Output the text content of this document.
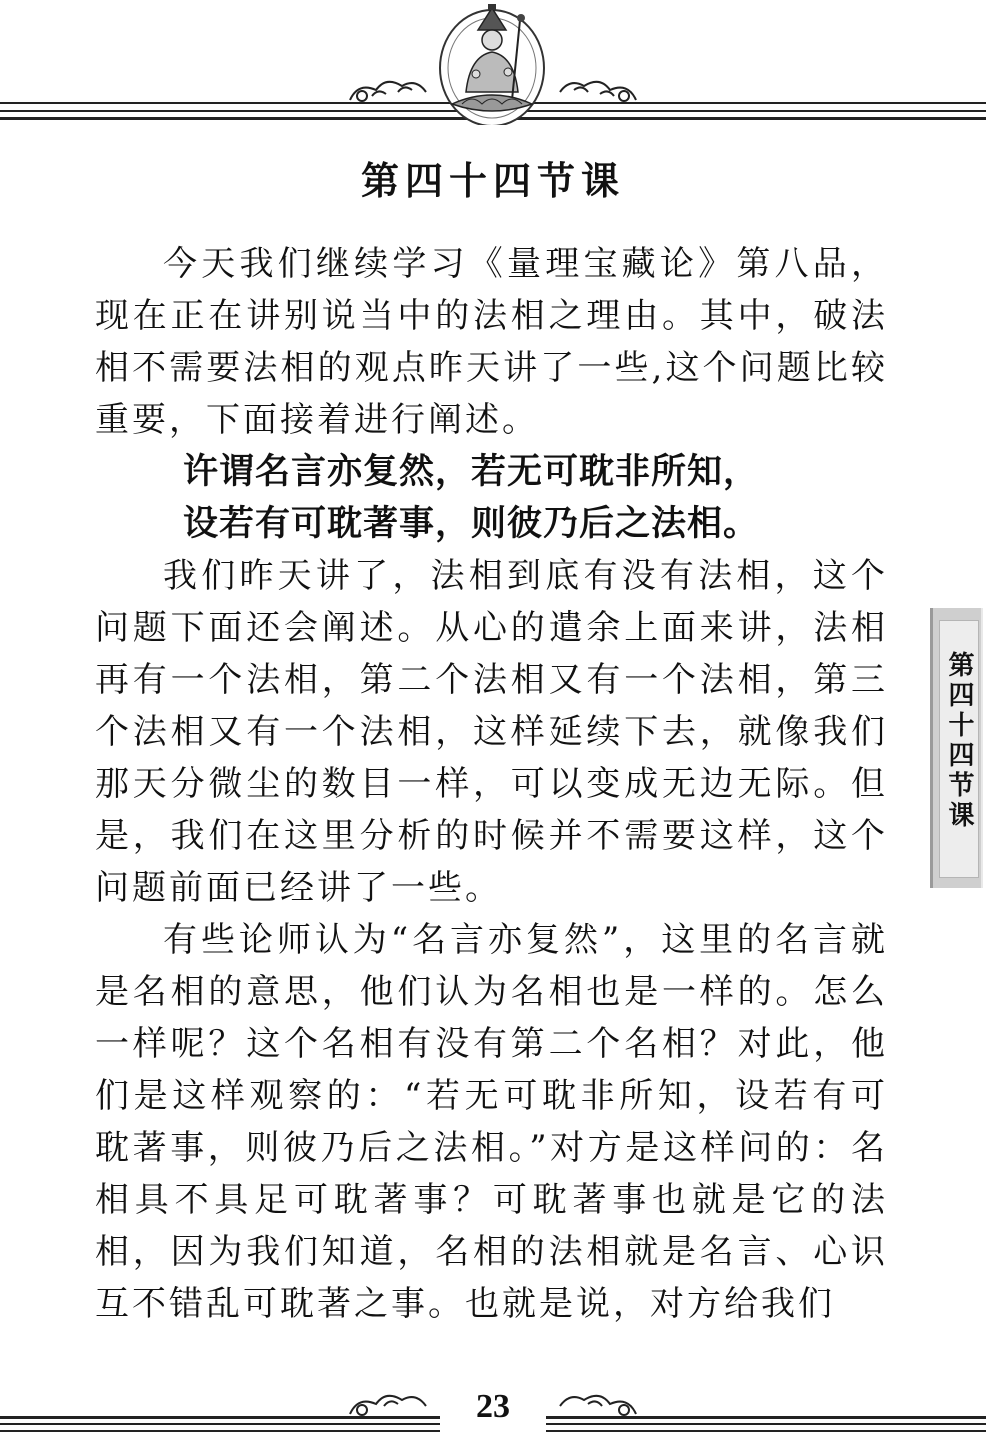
第四十四节课

今天我们继续学习《量理宝藏论》第八品，现在正在讲别说当中的法相之理由。其中，破法相不需要法相的观点昨天讲了一些,这个问题比较重要，下面接着进行阐述。

许谓名言亦复然，若无可耽非所知，

设若有可耽著事，则彼乃后之法相。

我们昨天讲了，法相到底有没有法相，这个问题下面还会阐述。从心的遣余上面来讲，法相再有一个法相，第二个法相又有一个法相，第三个法相又有一个法相，这样延续下去，就像我们那天分微尘的数目一样，可以变成无边无际。但是，我们在这里分析的时候并不需要这样，这个问题前面已经讲了一些。

有些论师认为“名言亦复然”，这里的名言就是名相的意思，他们认为名相也是一样的。怎么一样呢？这个名相有没有第二个名相？对此，他们是这样观察的：“若无可耽非所知，设若有可耽著事，则彼乃后之法相。”对方是这样问的：名相具不具足可耽著事？可耽著事也就是它的法相，因为我们知道，名相的法相就是名言、心识互不错乱可耽著之事。也就是说，对方给我们

第四十四节课
23
